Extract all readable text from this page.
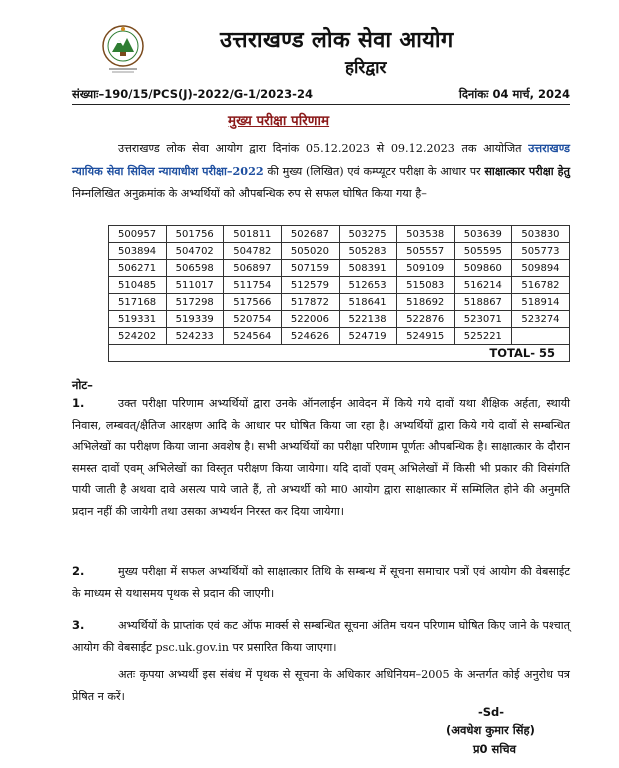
उत्तराखण्ड लोक सेवा आयोग
हरिद्वार
संख्याः–190/15/PCS(J)-2022/G-1/2023-24	दिनांकः 04 मार्च, 2024
मुख्य परीक्षा परिणाम
उत्तराखण्ड लोक सेवा आयोग द्वारा दिनांक 05.12.2023 से 09.12.2023 तक आयोजित उत्तराखण्ड न्यायिक सेवा सिविल न्यायाधीश परीक्षा–2022 की मुख्य (लिखित) एवं कम्प्यूटर परीक्षा के आधार पर साक्षात्कार परीक्षा हेतु निम्नलिखित अनुक्रमांक के अभ्यर्थियों को औपबन्धिक रुप से सफल घोषित किया गया है–
500957	501756	501811	502687	503275	503538	503639	503830
503894	504702	504782	505020	505283	505557	505595	505773
506271	506598	506897	507159	508391	509109	509860	509894
510485	511017	511754	512579	512653	515083	516214	516782
517168	517298	517566	517872	518641	518692	518867	518914
519331	519339	520754	522006	522138	522876	523071	523274
524202	524233	524564	524626	524719	524915	525221	
TOTAL- 55							
नोट–
1.	उक्त परीक्षा परिणाम अभ्यर्थियों द्वारा उनके ऑनलाईन आवेदन में किये गये दावों यथा शैक्षिक अर्हता, स्थायी निवास, लम्बवत्/क्षैतिज आरक्षण आदि के आधार पर घोषित किया जा रहा है। अभ्यर्थियों द्वारा किये गये दावों से सम्बन्धित अभिलेखों का परीक्षण किया जाना अवशेष है। सभी अभ्यर्थियों का परीक्षा परिणाम पूर्णतः औपबन्धिक है। साक्षात्कार के दौरान समस्त दावों एवम् अभिलेखों का विस्तृत परीक्षण किया जायेगा। यदि दावों एवम् अभिलेखों में किसी भी प्रकार की विसंगति पायी जाती है अथवा दावे असत्य पाये जाते हैं, तो अभ्यर्थी को मा0 आयोग द्वारा साक्षात्कार में सम्मिलित होने की अनुमति प्रदान नहीं की जायेगी तथा उसका अभ्यर्थन निरस्त कर दिया जायेगा।
2.	मुख्य परीक्षा में सफल अभ्यर्थियों को साक्षात्कार तिथि के सम्बन्ध में सूचना समाचार पत्रों एवं आयोग की वेबसाईट के माध्यम से यथासमय पृथक से प्रदान की जाएगी।
3.	अभ्यर्थियों के प्राप्तांक एवं कट ऑफ मार्क्स से सम्बन्धित सूचना अंतिम चयन परिणाम घोषित किए जाने के पश्चात् आयोग की वेबसाईट psc.uk.gov.in पर प्रसारित किया जाएगा।
अतः कृपया अभ्यर्थी इस संबंध में पृथक से सूचना के अधिकार अधिनियम–2005 के अन्तर्गत कोई अनुरोध पत्र प्रेषित न करें।
-Sd-
(अवधेश कुमार सिंह)
प्र0 सचिव
